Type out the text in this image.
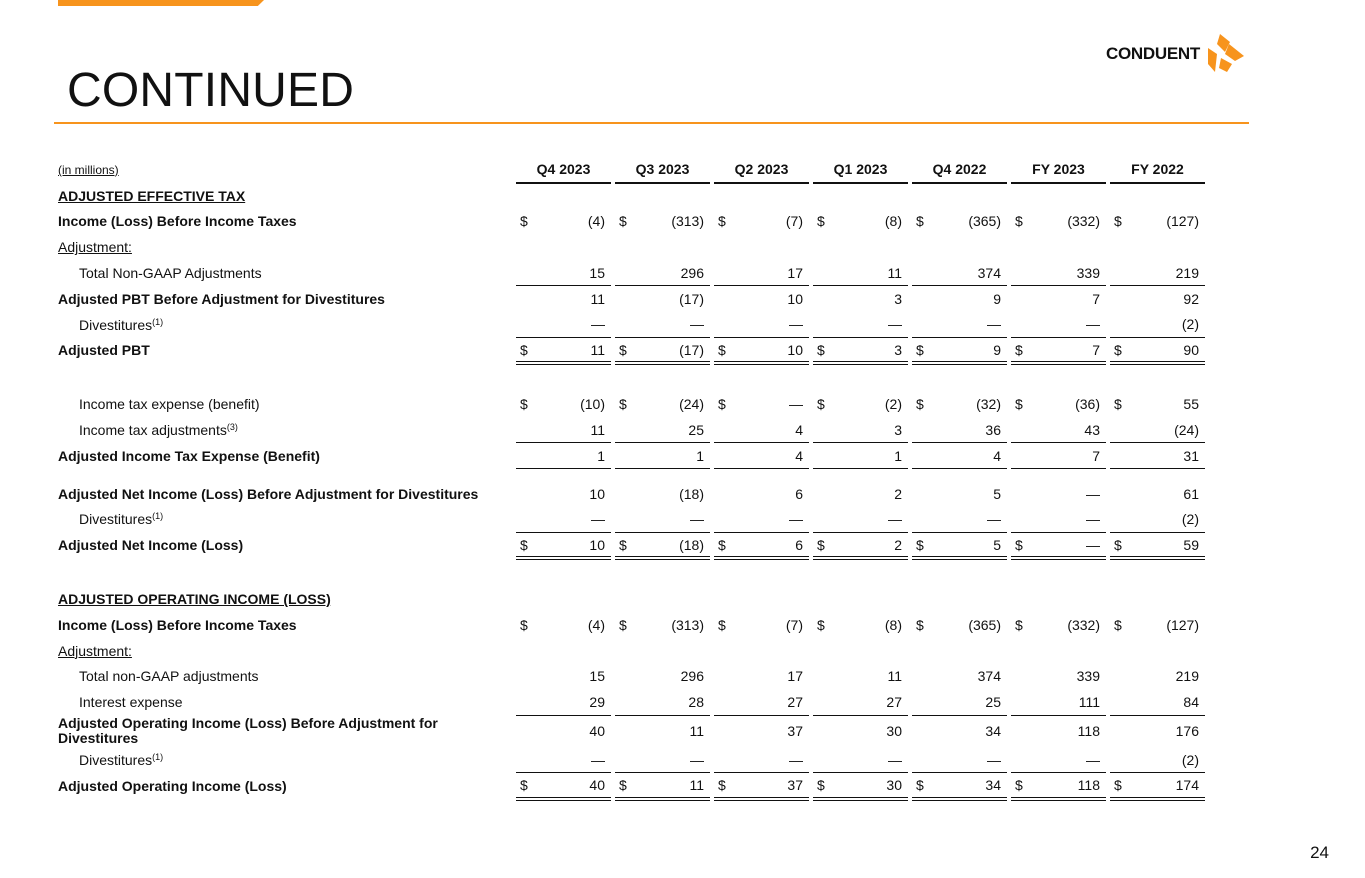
CONDUENT
CONTINUED
(in millions)		Q4 2023			Q3 2023			Q2 2023			Q1 2023			Q4 2022			FY 2023			FY 2022	
ADJUSTED EFFECTIVE TAX																					
Income (Loss) Before Income Taxes		$	(4)		$	(313)		$	(7)		$	(8)		$	(365)		$	(332)		$	(127)
Adjustment:																					
Total Non-GAAP Adjustments			15			296			17			11			374			339			219
Adjusted PBT Before Adjustment for Divestitures			11			(17)			10			3			9			7			92
Divestitures$^{(1)}$			—			—			—			—			—			—			(2)
Adjusted PBT		$	11		$	(17)		$	10		$	3		$	9		$	7		$	90

Income tax expense (benefit)		$	(10)		$	(24)		$	—		$	(2)		$	(32)		$	(36)		$	55
Income tax adjustments$^{(3)}$			11			25			4			3			36			43			(24)
Adjusted Income Tax Expense (Benefit)			1			1			4			1			4			7			31

Adjusted Net Income (Loss) Before Adjustment for Divestitures			10			(18)			6			2			5			—			61
Divestitures$^{(1)}$			—			—			—			—			—			—			(2)
Adjusted Net Income (Loss)		$	10		$	(18)		$	6		$	2		$	5		$	—		$	59

ADJUSTED OPERATING INCOME (LOSS)																					
Income (Loss) Before Income Taxes		$	(4)		$	(313)		$	(7)		$	(8)		$	(365)		$	(332)		$	(127)
Adjustment:																					
Total non-GAAP adjustments			15			296			17			11			374			339			219
Interest expense			29			28			27			27			25			111			84
Adjusted Operating Income (Loss) Before Adjustment for Divestitures			40			11			37			30			34			118			176
Divestitures$^{(1)}$			—			—			—			—			—			—			(2)
Adjusted Operating Income (Loss)		$	40		$	11		$	37		$	30		$	34		$	118		$	174
24
